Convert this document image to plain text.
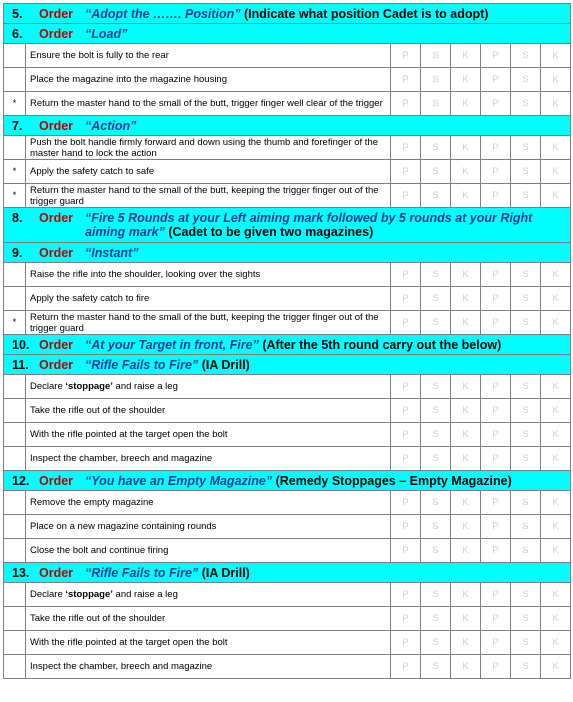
5. Order “Adopt the ……. Position” (Indicate what position Cadet is to adopt)							

6. Order “Load”							

	Ensure the bolt is fully to the rear	P	S	K	P	S	K
	Place the magazine into the magazine housing	P	S	K	P	S	K
*	Return the master hand to the small of the butt, trigger finger well clear of the trigger	P	S	K	P	S	K

7. Order “Action”							

	Push the bolt handle firmly forward and down using the thumb and forefinger of the master hand to lock the action	P	S	K	P	S	K
*	Apply the safety catch to safe	P	S	K	P	S	K
*	Return the master hand to the small of the butt, keeping the trigger finger out of the trigger guard	P	S	K	P	S	K

8. Order “Fire 5 Rounds at your Left aiming mark followed by 5 rounds at your Right aiming mark” (Cadet to be given two magazines)							

9. Order “Instant”							

	Raise the rifle into the shoulder, looking over the sights	P	S	K	P	S	K
	Apply the safety catch to fire	P	S	K	P	S	K
*	Return the master hand to the small of the butt, keeping the trigger finger out of the trigger guard	P	S	K	P	S	K

10. Order “At your Target in front, Fire” (After the 5th round carry out the below)							

11. Order “Rifle Fails to Fire” (IA Drill)							

	Declare ‘stoppage’ and raise a leg	P	S	K	P	S	K
	Take the rifle out of the shoulder	P	S	K	P	S	K
	With the rifle pointed at the target open the bolt	P	S	K	P	S	K
	Inspect the chamber, breech and magazine	P	S	K	P	S	K

12. Order “You have an Empty Magazine” (Remedy Stoppages – Empty Magazine)							

	Remove the empty magazine	P	S	K	P	S	K
	Place on a new magazine containing rounds	P	S	K	P	S	K
	Close the bolt and continue firing	P	S	K	P	S	K

13. Order “Rifle Fails to Fire” (IA Drill)							

	Declare ‘stoppage’ and raise a leg	P	S	K	P	S	K
	Take the rifle out of the shoulder	P	S	K	P	S	K
	With the rifle pointed at the target open the bolt	P	S	K	P	S	K
	Inspect the chamber, breech and magazine	P	S	K	P	S	K
